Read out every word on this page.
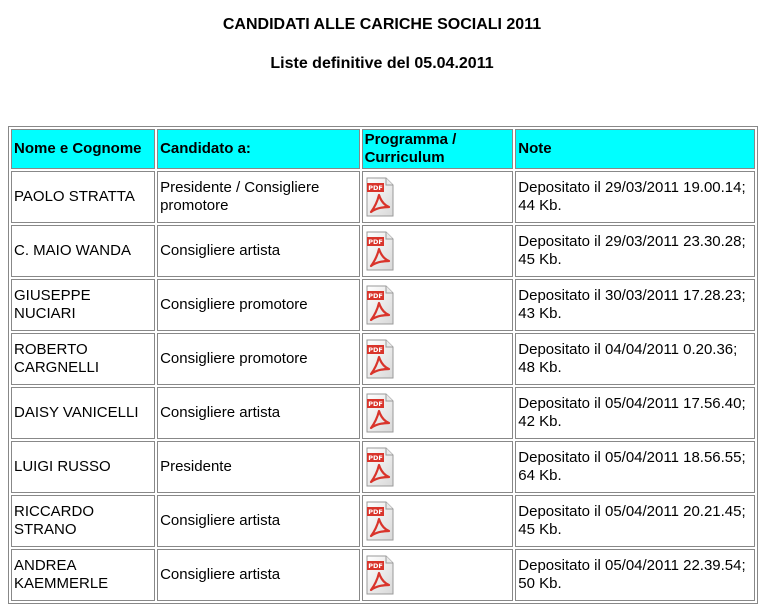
CANDIDATI ALLE CARICHE SOCIALI 2011
Liste definitive del 05.04.2011
Nome e Cognome	Candidato a:	Programma / Curriculum	Note
PAOLO STRATTA	Presidente / Consigliere promotore	PDF	Depositato il 29/03/2011 19.00.14; 44 Kb.
C. MAIO WANDA	Consigliere artista	PDF	Depositato il 29/03/2011 23.30.28; 45 Kb.
GIUSEPPE NUCIARI	Consigliere promotore	PDF	Depositato il 30/03/2011 17.28.23; 43 Kb.
ROBERTO CARGNELLI	Consigliere promotore	PDF	Depositato il 04/04/2011 0.20.36; 48 Kb.
DAISY VANICELLI	Consigliere artista	PDF	Depositato il 05/04/2011 17.56.40; 42 Kb.
LUIGI RUSSO	Presidente	PDF	Depositato il 05/04/2011 18.56.55; 64 Kb.
RICCARDO STRANO	Consigliere artista	PDF	Depositato il 05/04/2011 20.21.45; 45 Kb.
ANDREA KAEMMERLE	Consigliere artista	PDF	Depositato il 05/04/2011 22.39.54; 50 Kb.
